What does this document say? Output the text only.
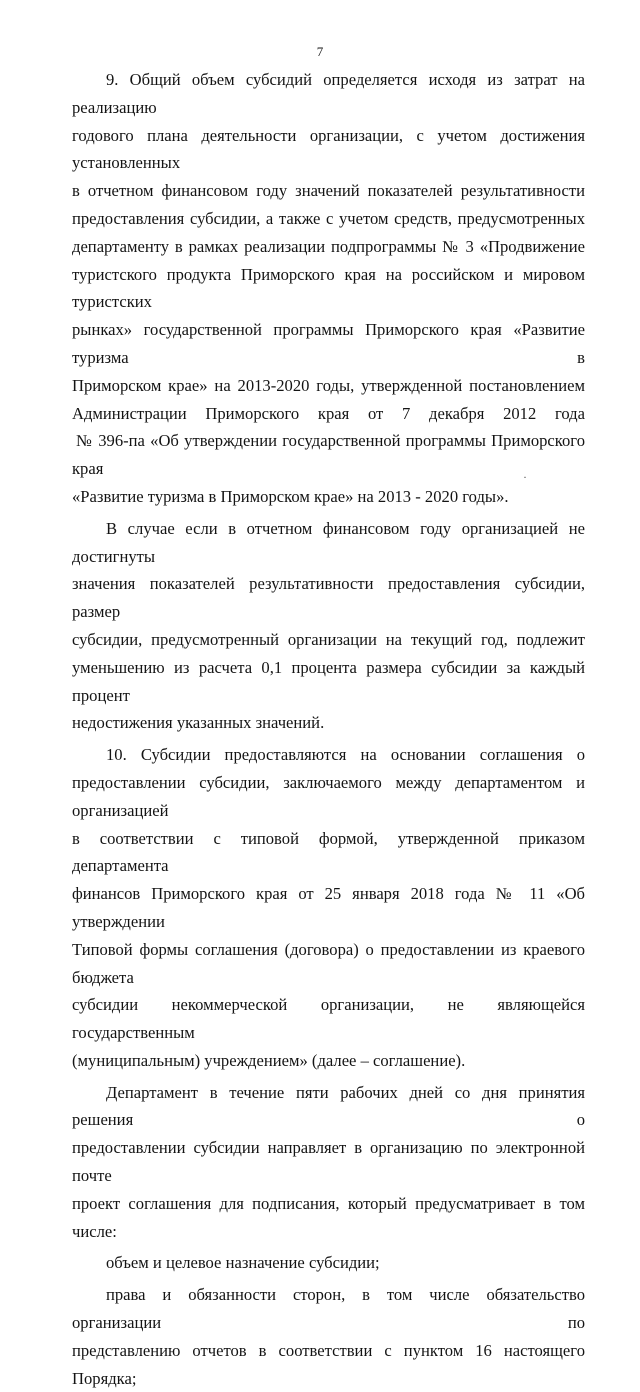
7

9. Общий объем субсидий определяется исходя из затрат на реализацию
годового плана деятельности организации, с учетом достижения установленных
в отчетном финансовом году значений показателей результативности
предоставления субсидии, а также с учетом средств, предусмотренных
департаменту в рамках реализации подпрограммы № 3 «Продвижение
туристского продукта Приморского края на российском и мировом туристских
рынках» государственной программы Приморского края «Развитие туризма в
Приморском крае» на 2013-2020 годы, утвержденной постановлением
Администрации Приморского края от 7 декабря 2012 года
№ 396-па «Об утверждении государственной программы Приморского края
«Развитие туризма в Приморском крае» на 2013 - 2020 годы».

В случае если в отчетном финансовом году организацией не достигнуты
значения показателей результативности предоставления субсидии, размер
субсидии, предусмотренный организации на текущий год, подлежит
уменьшению из расчета 0,1 процента размера субсидии за каждый процент
недостижения указанных значений.

10. Субсидии предоставляются на основании соглашения о
предоставлении субсидии, заключаемого между департаментом и организацией
в соответствии с типовой формой, утвержденной приказом департамента
финансов Приморского края от 25 января 2018 года № 11 «Об утверждении
Типовой формы соглашения (договора) о предоставлении из краевого бюджета
субсидии некоммерческой организации, не являющейся государственным
(муниципальным) учреждением» (далее – соглашение).

Департамент в течение пяти рабочих дней со дня принятия решения о
предоставлении субсидии направляет в организацию по электронной почте
проект соглашения для подписания, который предусматривает в том числе:

объем и целевое назначение субсидии;

права и обязанности сторон, в том числе обязательство организации по
представлению отчетов в соответствии с пунктом 16 настоящего Порядка;

·
